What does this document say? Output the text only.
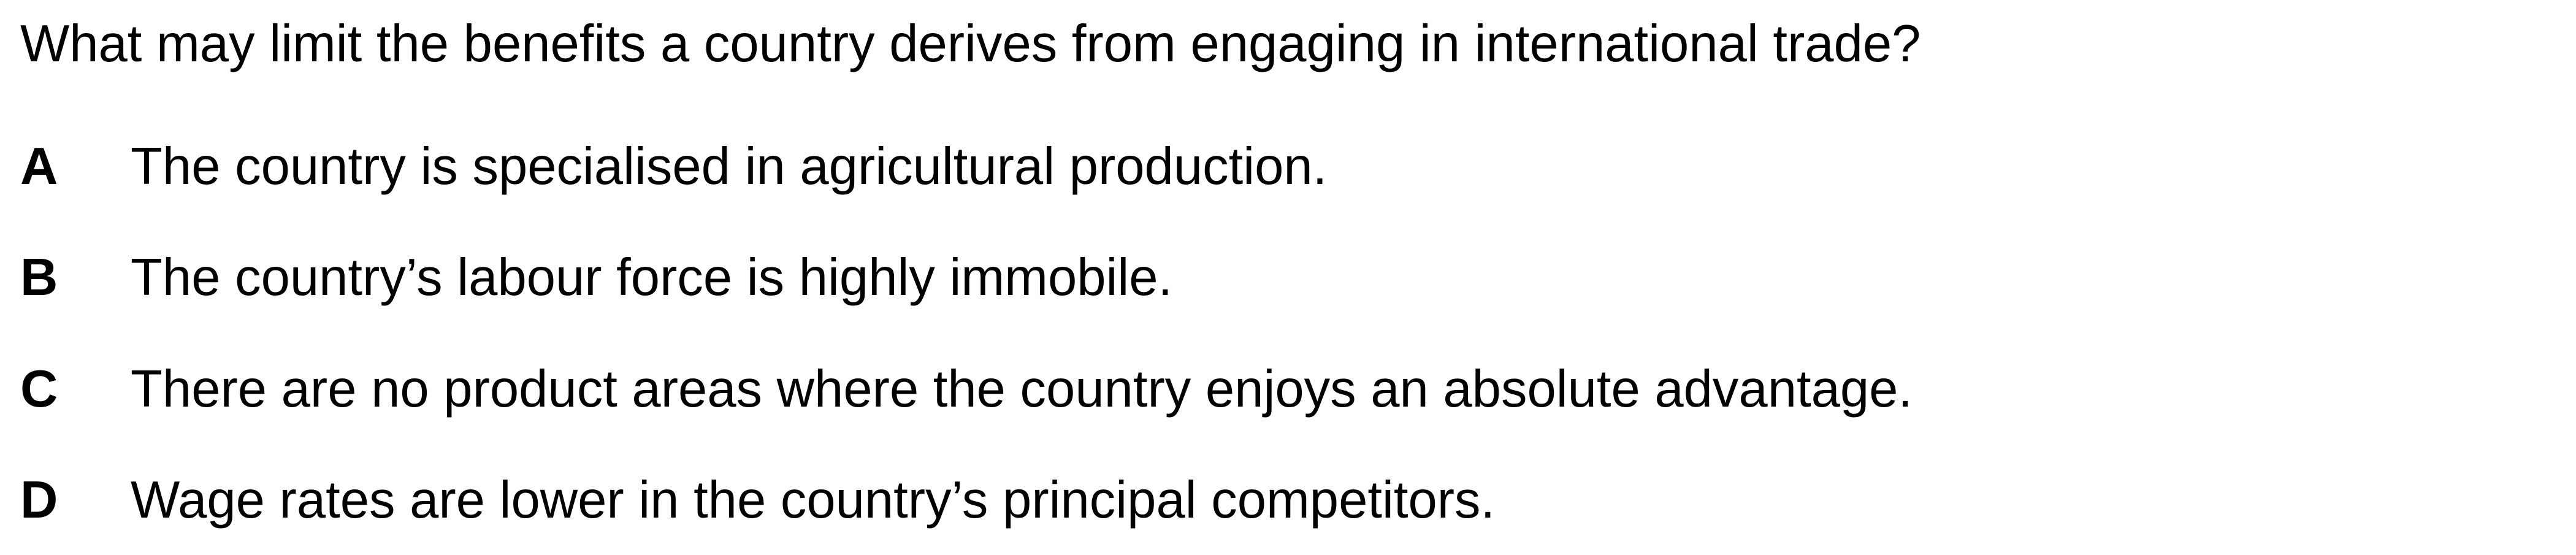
What may limit the benefits a country derives from engaging in international trade?
A The country is specialised in agricultural production.
B The country’s labour force is highly immobile.
C There are no product areas where the country enjoys an absolute advantage.
D Wage rates are lower in the country’s principal competitors.
